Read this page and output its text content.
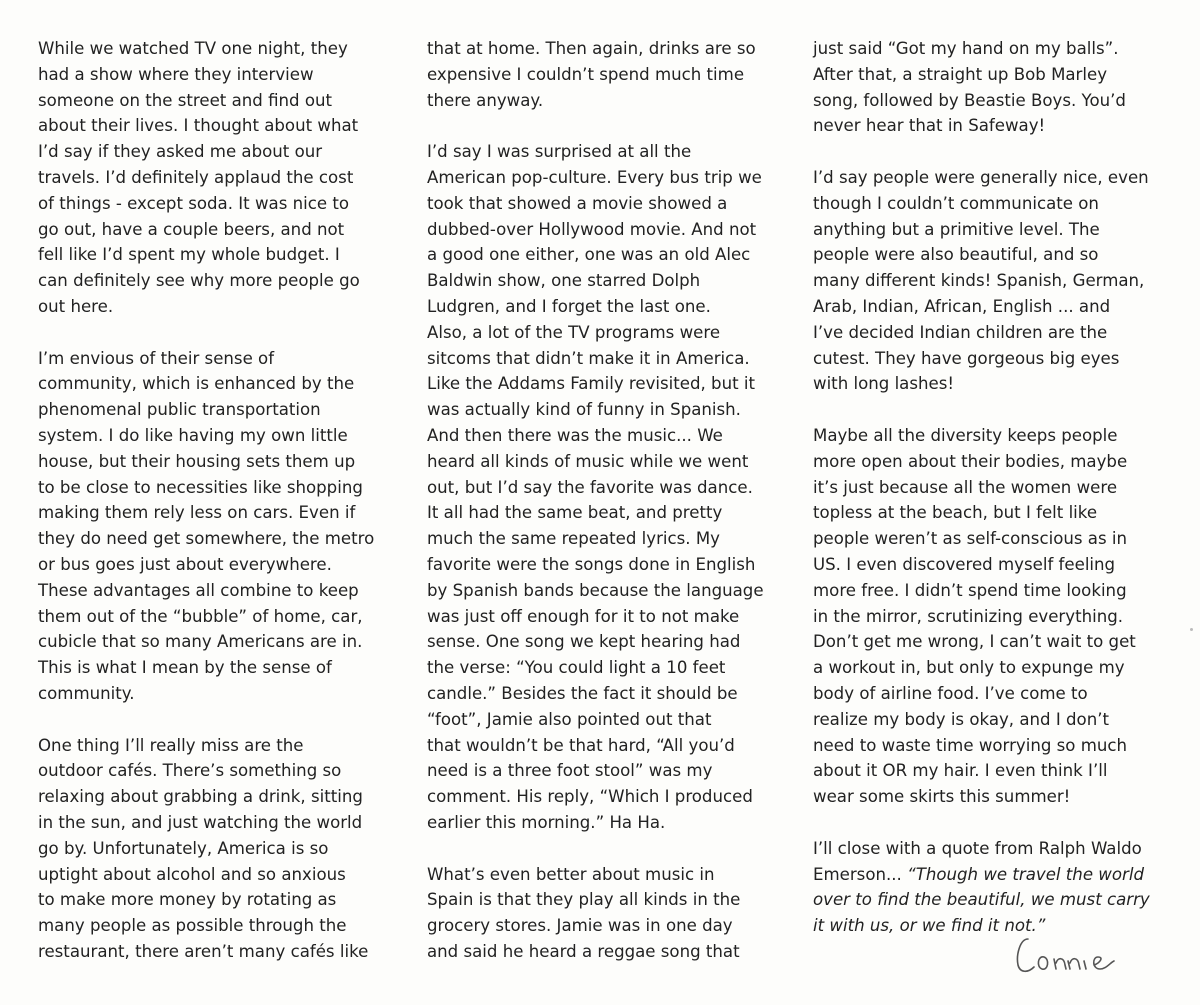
While we watched TV one night, they
had a show where they interview
someone on the street and find out
about their lives. I thought about what
I’d say if they asked me about our
travels. I’d definitely applaud the cost
of things - except soda. It was nice to
go out, have a couple beers, and not
fell like I’d spent my whole budget. I
can definitely see why more people go
out here.

I’m envious of their sense of
community, which is enhanced by the
phenomenal public transportation
system. I do like having my own little
house, but their housing sets them up
to be close to necessities like shopping
making them rely less on cars. Even if
they do need get somewhere, the metro
or bus goes just about everywhere.
These advantages all combine to keep
them out of the “bubble” of home, car,
cubicle that so many Americans are in.
This is what I mean by the sense of
community.

One thing I’ll really miss are the
outdoor cafés. There’s something so
relaxing about grabbing a drink, sitting
in the sun, and just watching the world
go by. Unfortunately, America is so
uptight about alcohol and so anxious
to make more money by rotating as
many people as possible through the
restaurant, there aren’t many cafés like

that at home. Then again, drinks are so
expensive I couldn’t spend much time
there anyway.

I’d say I was surprised at all the
American pop-culture. Every bus trip we
took that showed a movie showed a
dubbed-over Hollywood movie. And not
a good one either, one was an old Alec
Baldwin show, one starred Dolph
Ludgren, and I forget the last one.
Also, a lot of the TV programs were
sitcoms that didn’t make it in America.
Like the Addams Family revisited, but it
was actually kind of funny in Spanish.
And then there was the music... We
heard all kinds of music while we went
out, but I’d say the favorite was dance.
It all had the same beat, and pretty
much the same repeated lyrics. My
favorite were the songs done in English
by Spanish bands because the language
was just off enough for it to not make
sense. One song we kept hearing had
the verse: “You could light a 10 feet
candle.” Besides the fact it should be
“foot”, Jamie also pointed out that
that wouldn’t be that hard, “All you’d
need is a three foot stool” was my
comment. His reply, “Which I produced
earlier this morning.” Ha Ha.

What’s even better about music in
Spain is that they play all kinds in the
grocery stores. Jamie was in one day
and said he heard a reggae song that

just said “Got my hand on my balls”.
After that, a straight up Bob Marley
song, followed by Beastie Boys. You’d
never hear that in Safeway!

I’d say people were generally nice, even
though I couldn’t communicate on
anything but a primitive level. The
people were also beautiful, and so
many different kinds! Spanish, German,
Arab, Indian, African, English ... and
I’ve decided Indian children are the
cutest. They have gorgeous big eyes
with long lashes!

Maybe all the diversity keeps people
more open about their bodies, maybe
it’s just because all the women were
topless at the beach, but I felt like
people weren’t as self-conscious as in
US. I even discovered myself feeling
more free. I didn’t spend time looking
in the mirror, scrutinizing everything.
Don’t get me wrong, I can’t wait to get
a workout in, but only to expunge my
body of airline food. I’ve come to
realize my body is okay, and I don’t
need to waste time worrying so much
about it OR my hair. I even think I’ll
wear some skirts this summer!

I’ll close with a quote from Ralph Waldo
Emerson... “Though we travel the world
over to find the beautiful, we must carry
it with us, or we find it not.”
